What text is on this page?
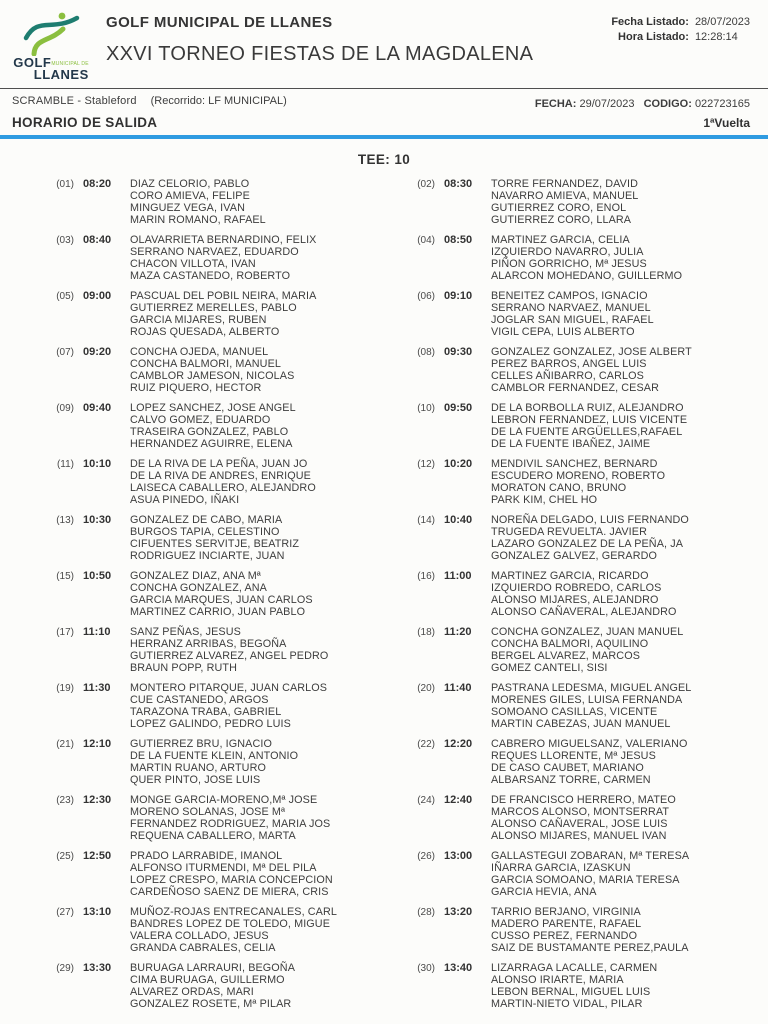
GOLFMUNICIPAL DE
LLANES
GOLF MUNICIPAL DE LLANES
XXVI TORNEO FIESTAS DE LA MAGDALENA
Fecha Listado: 28/07/2023
Hora Listado: 12:28:14
SCRAMBLE - Stableford (Recorrido: LF MUNICIPAL)	FECHA: 29/07/2023 CODIGO: 022723165
HORARIO DE SALIDA	1ªVuelta
TEE: 10
(01) 08:20	DIAZ CELORIO, PABLO
CORO AMIEVA, FELIPE
MINGUEZ VEGA, IVAN
MARIN ROMANO, RAFAEL
(02) 08:30	TORRE FERNANDEZ, DAVID
NAVARRO AMIEVA, MANUEL
GUTIERREZ CORO, ENOL
GUTIERREZ CORO, LLARA
(03) 08:40	OLAVARRIETA BERNARDINO, FELIX
SERRANO NARVAEZ, EDUARDO
CHACON VILLOTA, IVAN
MAZA CASTANEDO, ROBERTO
(04) 08:50	MARTINEZ GARCIA, CELIA
IZQUIERDO NAVARRO, JULIA
PIÑON GORRICHO, Mª JESUS
ALARCON MOHEDANO, GUILLERMO
(05) 09:00	PASCUAL DEL POBIL NEIRA, MARIA
GUTIERREZ MERELLES, PABLO
GARCIA MIJARES, RUBEN
ROJAS QUESADA, ALBERTO
(06) 09:10	BENEITEZ CAMPOS, IGNACIO
SERRANO NARVAEZ, MANUEL
JOGLAR SAN MIGUEL, RAFAEL
VIGIL CEPA, LUIS ALBERTO
(07) 09:20	CONCHA OJEDA, MANUEL
CONCHA BALMORI, MANUEL
CAMBLOR JAMESON, NICOLAS
RUIZ PIQUERO, HECTOR
(08) 09:30	GONZALEZ GONZALEZ, JOSE ALBERT
PEREZ BARROS, ANGEL LUIS
CELLES AÑIBARRO, CARLOS
CAMBLOR FERNANDEZ, CESAR
(09) 09:40	LOPEZ SANCHEZ, JOSE ANGEL
CALVO GOMEZ, EDUARDO
TRASEIRA GONZALEZ, PABLO
HERNANDEZ AGUIRRE, ELENA
(10) 09:50	DE LA BORBOLLA RUIZ, ALEJANDRO
LEBRON FERNANDEZ, LUIS VICENTE
DE LA FUENTE ARGÜELLES,RAFAEL
DE LA FUENTE IBAÑEZ, JAIME
(11) 10:10	DE LA RIVA DE LA PEÑA, JUAN JO
DE LA RIVA DE ANDRES, ENRIQUE
LAISECA CABALLERO, ALEJANDRO
ASUA PINEDO, IÑAKI
(12) 10:20	MENDIVIL SANCHEZ, BERNARD
ESCUDERO MORENO, ROBERTO
MORATON CANO, BRUNO
PARK KIM, CHEL HO
(13) 10:30	GONZALEZ DE CABO, MARIA
BURGOS TAPIA, CELESTINO
CIFUENTES SERVITJE, BEATRIZ
RODRIGUEZ INCIARTE, JUAN
(14) 10:40	NOREÑA DELGADO, LUIS FERNANDO
TRUGEDA REVUELTA. JAVIER
LAZARO GONZALEZ DE LA PEÑA, JA
GONZALEZ GALVEZ, GERARDO
(15) 10:50	GONZALEZ DIAZ, ANA Mª
CONCHA GONZALEZ, ANA
GARCIA MARQUES, JUAN CARLOS
MARTINEZ CARRIO, JUAN PABLO
(16) 11:00	MARTINEZ GARCIA, RICARDO
IZQUIERDO ROBREDO, CARLOS
ALONSO MIJARES, ALEJANDRO
ALONSO CAÑAVERAL, ALEJANDRO
(17) 11:10	SANZ PEÑAS, JESUS
HERRANZ ARRIBAS, BEGOÑA
GUTIERREZ ALVAREZ, ANGEL PEDRO
BRAUN POPP, RUTH
(18) 11:20	CONCHA GONZALEZ, JUAN MANUEL
CONCHA BALMORI, AQUILINO
BERGEL ALVAREZ, MARCOS
GOMEZ CANTELI, SISI
(19) 11:30	MONTERO PITARQUE, JUAN CARLOS
CUE CASTANEDO, ARGOS
TARAZONA TRABA, GABRIEL
LOPEZ GALINDO, PEDRO LUIS
(20) 11:40	PASTRANA LEDESMA, MIGUEL ANGEL
MORENES GILES, LUISA FERNANDA
SOMOANO CASILLAS, VICENTE
MARTIN CABEZAS, JUAN MANUEL
(21) 12:10	GUTIERREZ BRU, IGNACIO
DE LA FUENTE KLEIN, ANTONIO
MARTIN RUANO, ARTURO
QUER PINTO, JOSE LUIS
(22) 12:20	CABRERO MIGUELSANZ, VALERIANO
REQUES LLORENTE, Mª JESUS
DE CASO CAUBET, MARIANO
ALBARSANZ TORRE, CARMEN
(23) 12:30	MONGE GARCIA-MORENO,Mª JOSE
MORENO SOLANAS, JOSE Mª
FERNANDEZ RODRIGUEZ, MARIA JOS
REQUENA CABALLERO, MARTA
(24) 12:40	DE FRANCISCO HERRERO, MATEO
MARCOS ALONSO, MONTSERRAT
ALONSO CAÑAVERAL, JOSE LUIS
ALONSO MIJARES, MANUEL IVAN
(25) 12:50	PRADO LARRABIDE, IMANOL
ALFONSO ITURMENDI, Mª DEL PILA
LOPEZ CRESPO, MARIA CONCEPCION
CARDEÑOSO SAENZ DE MIERA, CRIS
(26) 13:00	GALLASTEGUI ZOBARAN, Mª TERESA
IÑARRA GARCIA, IZASKUN
GARCIA SOMOANO, MARIA TERESA
GARCIA HEVIA, ANA
(27) 13:10	MUÑOZ-ROJAS ENTRECANALES, CARL
BANDRES LOPEZ DE TOLEDO, MIGUE
VALERA COLLADO, JESUS
GRANDA CABRALES, CELIA
(28) 13:20	TARRIO BERJANO, VIRGINIA
MADERO PARENTE, RAFAEL
CUSSO PEREZ, FERNANDO
SAIZ DE BUSTAMANTE PEREZ,PAULA
(29) 13:30	BURUAGA LARRAURI, BEGOÑA
CIMA BURUAGA, GUILLERMO
ALVAREZ ORDAS, MARI
GONZALEZ ROSETE, Mª PILAR
(30) 13:40	LIZARRAGA LACALLE, CARMEN
ALONSO IRIARTE, MARIA
LEBON BERNAL, MIGUEL LUIS
MARTIN-NIETO VIDAL, PILAR
